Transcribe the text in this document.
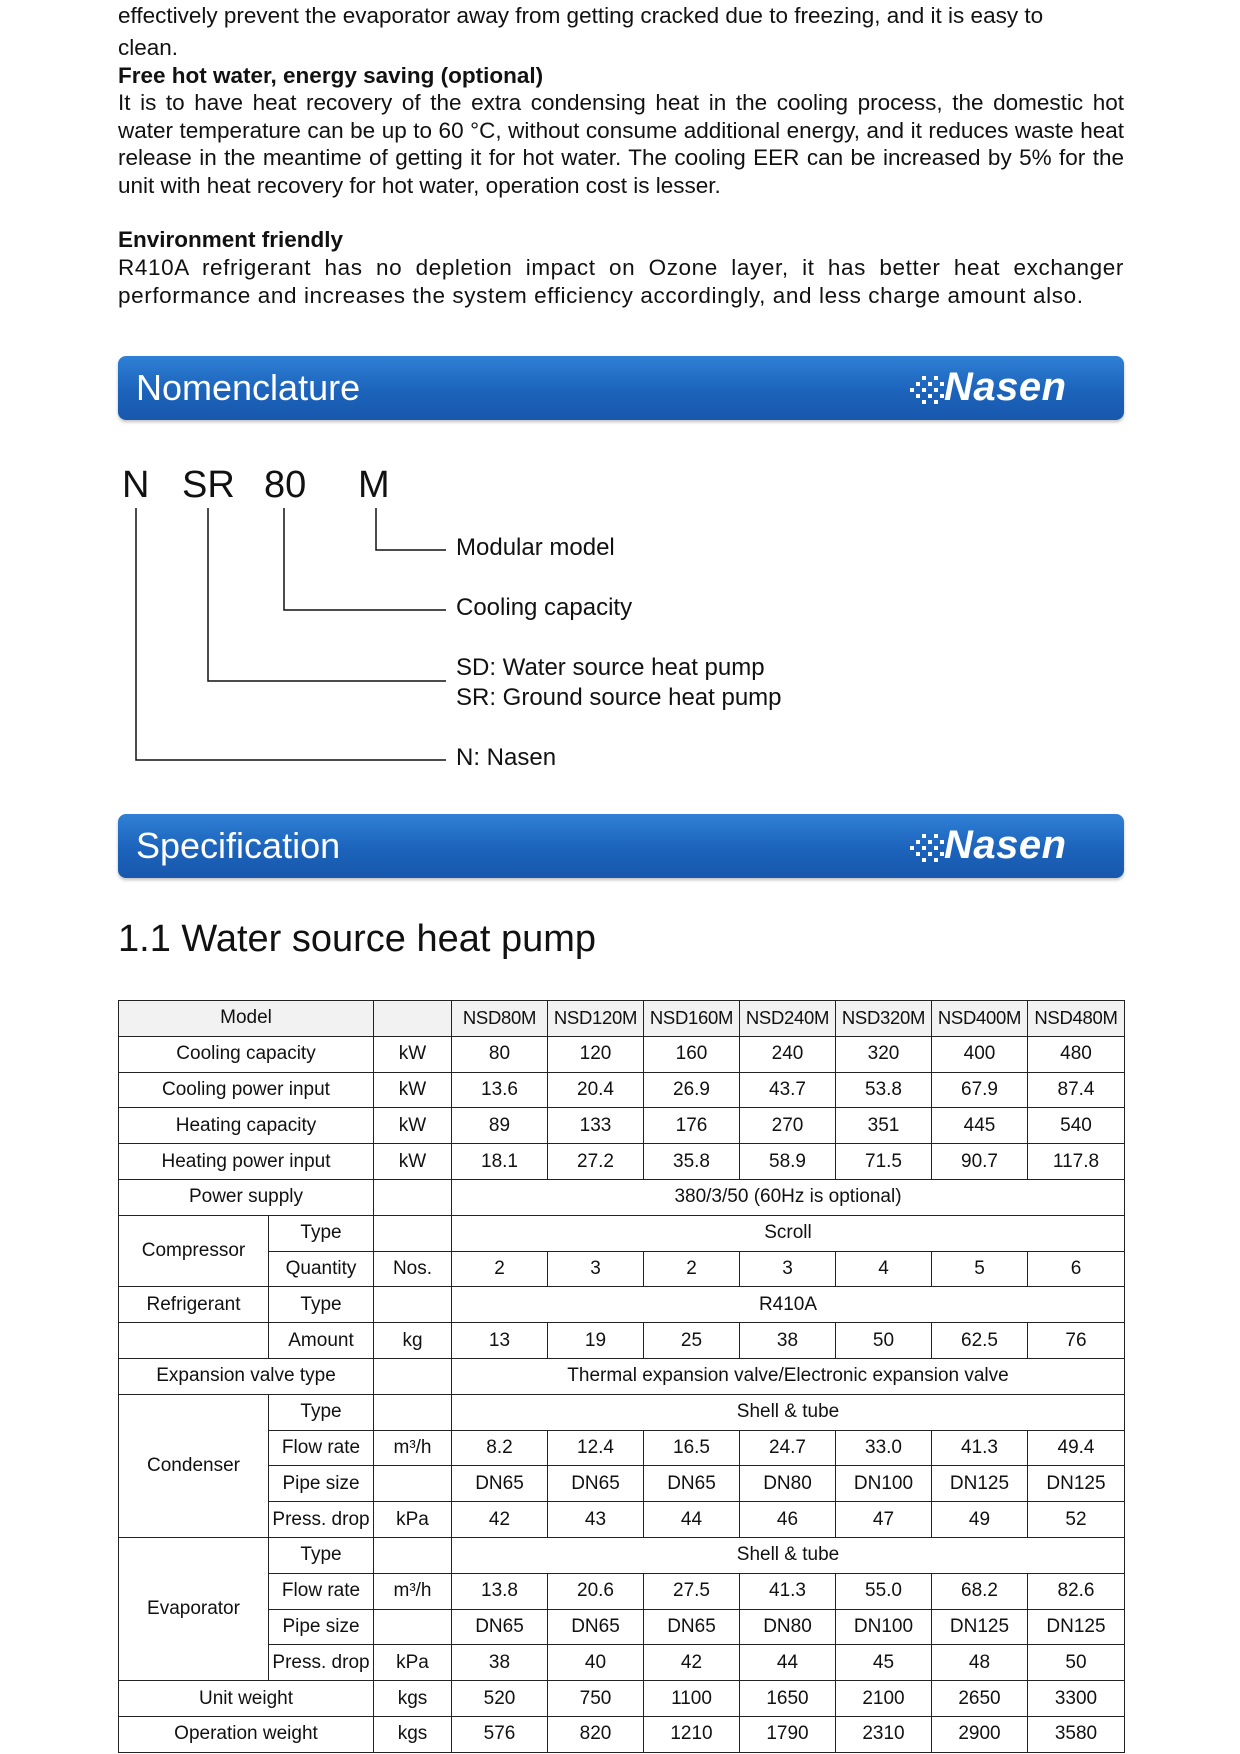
effectively prevent the evaporator away from getting cracked due to freezing, and it is easy to

clean.

Free hot water, energy saving (optional)

It is to have heat recovery of the extra condensing heat in the cooling process, the domestic hot water temperature can be up to 60 °C, without consume additional energy, and it reduces waste heat release in the meantime of getting it for hot water. The cooling EER can be increased by 5% for the unit with heat recovery for hot water, operation cost is lesser.

Environment friendly

R410A refrigerant has no depletion impact on Ozone layer, it has better heat exchanger performance and increases the system efficiency accordingly, and less charge amount also.

Nomenclature	Nasen
N SR 80 M
Modular model
Cooling capacity
SD: Water source heat pump
SR: Ground source heat pump
N: Nasen
Specification	Nasen
1.1 Water source heat pump
Model			NSD80M	NSD120M	NSD160M	NSD240M	NSD320M	NSD400M	NSD480M
Cooling capacity		kW	80	120	160	240	320	400	480
Cooling power input		kW	13.6	20.4	26.9	43.7	53.8	67.9	87.4
Heating capacity		kW	89	133	176	270	351	445	540
Heating power input		kW	18.1	27.2	35.8	58.9	71.5	90.7	117.8
Power supply			380/3/50 (60Hz is optional)						
Compressor	Type		Scroll						
	Quantity	Nos.	2	3	2	3	4	5	6
Refrigerant	Type		R410A						
	Amount	kg	13	19	25	38	50	62.5	76
Expansion valve type			Thermal expansion valve/Electronic expansion valve						
Condenser	Type		Shell & tube						
	Flow rate	m³/h	8.2	12.4	16.5	24.7	33.0	41.3	49.4
	Pipe size		DN65	DN65	DN65	DN80	DN100	DN125	DN125
	Press. drop	kPa	42	43	44	46	47	49	52
Evaporator	Type		Shell & tube						
	Flow rate	m³/h	13.8	20.6	27.5	41.3	55.0	68.2	82.6
	Pipe size		DN65	DN65	DN65	DN80	DN100	DN125	DN125
	Press. drop	kPa	38	40	42	44	45	48	50
Unit weight		kgs	520	750	1100	1650	2100	2650	3300
Operation weight		kgs	576	820	1210	1790	2310	2900	3580
